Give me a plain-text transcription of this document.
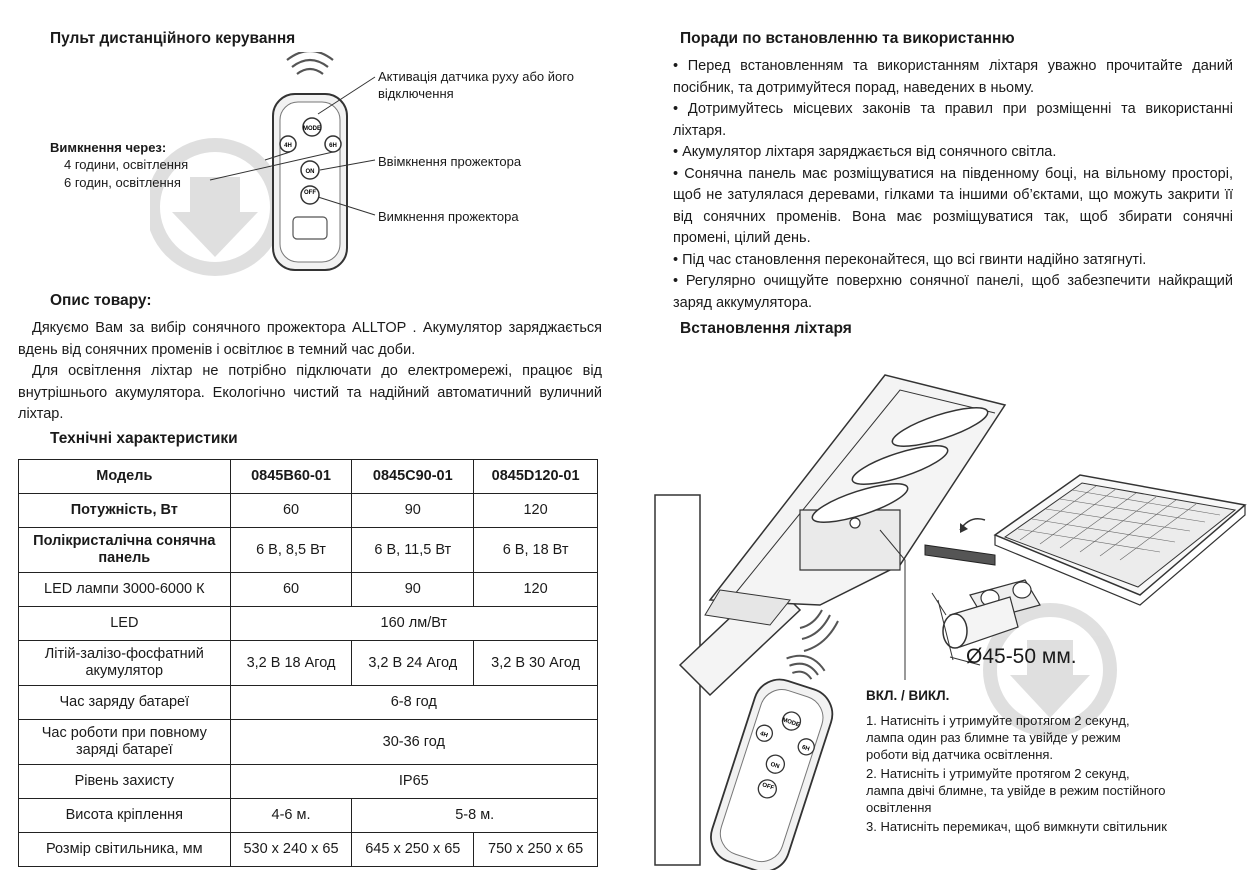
Пульт дистанційного керування
MODE
4H	6H
ON
OFF
Активація датчика руху або його відключення
Вимкнення через:
4 години, освітлення
6 годин, освітлення
Ввімкнення прожектора
Вимкнення прожектора
Опис товару:
Дякуємо Вам за вибір сонячного прожектора ALLTOP . Акумулятор заряджається вдень від сонячних променів і освітлює в темний час доби.
Для освітлення ліхтар не потрібно підключати до електромережі, працює від внутрішнього акумулятора. Екологічно чистий та надійний автоматичний вуличний ліхтар.
Технічні характеристики
Модель	0845B60-01	0845C90-01	0845D120-01
Потужність, Вт	60	90	120
Полікристалічна сонячна панель	6 В, 8,5 Вт	6 В, 11,5 Вт	6 В, 18 Вт
LED лампи 3000-6000 К	60	90	120
LED	160 лм/Вт		
Літій-залізо-фосфатний акумулятор	3,2 В 18 Агод	3,2 В 24 Агод	3,2 В 30 Агод
Час заряду батареї	6-8 год		
Час роботи при повному заряді батареї	30-36 год		
Рівень захисту	IP65		
Висота кріплення	4-6 м.	5-8 м.	
Розмір світильника, мм	530 x 240 x 65	645 x 250 x 65	750 x 250 x 65
Поради по встановленню та використанню
• Перед встановленням та використанням ліхтаря уважно прочитайте даний посібник, та дотримуйтеся порад, наведених в ньому.
• Дотримуйтесь місцевих законів та правил при розміщенні та використанні ліхтаря.
• Акумулятор ліхтаря заряджається від сонячного світла.
• Сонячна панель має розміщуватися на південному боці, на вільному просторі, щоб не затулялася деревами, гілками та іншими об’єктами, що можуть закрити її від сонячних променів. Вона має розміщуватися так, щоб збирати сонячні промені, цілий день.
• Під час становлення переконайтеся, що всі гвинти надійно затягнуті.
• Регулярно очищуйте поверхню сонячної панелі, щоб забезпечити найкращий заряд аккумулятора.
Встановлення ліхтаря
MODE
4H
6H
ON
OFF
Ø45-50 мм.
ВКЛ. / ВИКЛ.
1. Натисніть і утримуйте протягом 2 секунд, лампа один раз блимне та увійде у режим роботи від датчика освітлення.
2. Натисніть і утримуйте протягом 2 секунд, лампа двічі блимне, та увійде в режим постійного освітлення
3. Натисніть перемикач, щоб вимкнути світильник
